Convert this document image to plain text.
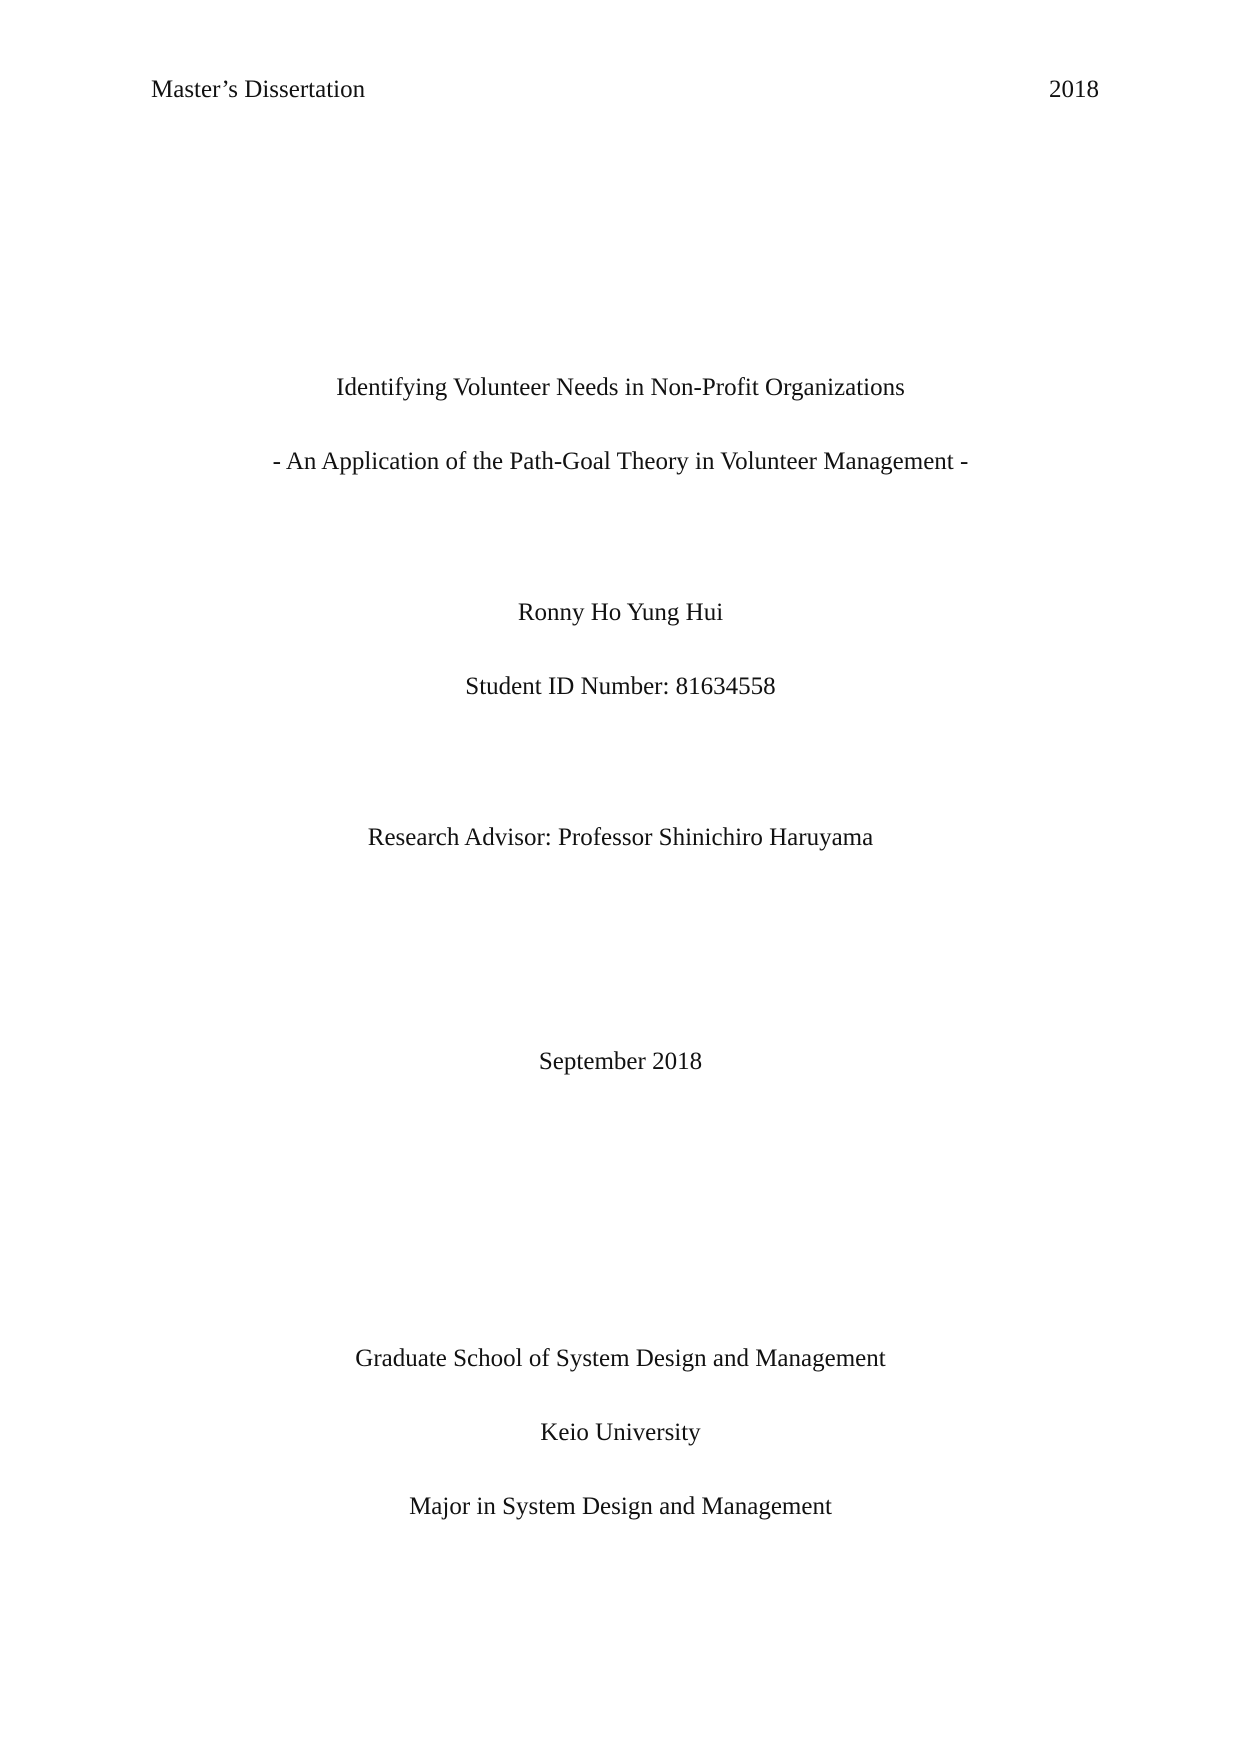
Master’s Dissertation	2018
Identifying Volunteer Needs in Non-Profit Organizations
- An Application of the Path-Goal Theory in Volunteer Management -
Ronny Ho Yung Hui
Student ID Number: 81634558
Research Advisor: Professor Shinichiro Haruyama
September 2018
Graduate School of System Design and Management
Keio University
Major in System Design and Management
